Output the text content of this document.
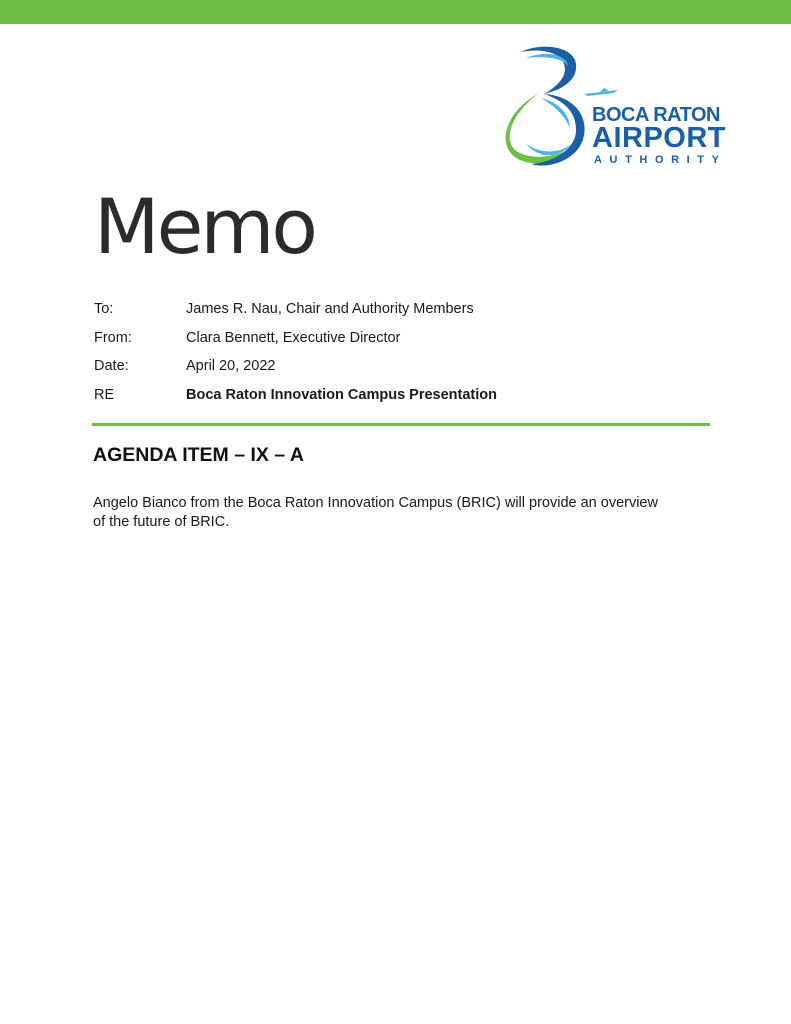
BOCA RATON
AIRPORT
AUTHORITY
Memo
To:	James R. Nau, Chair and Authority Members
From:	Clara Bennett, Executive Director
Date:	April 20, 2022
RE	Boca Raton Innovation Campus Presentation
AGENDA ITEM – IX – A
Angelo Bianco from the Boca Raton Innovation Campus (BRIC) will provide an overview
of the future of BRIC.
